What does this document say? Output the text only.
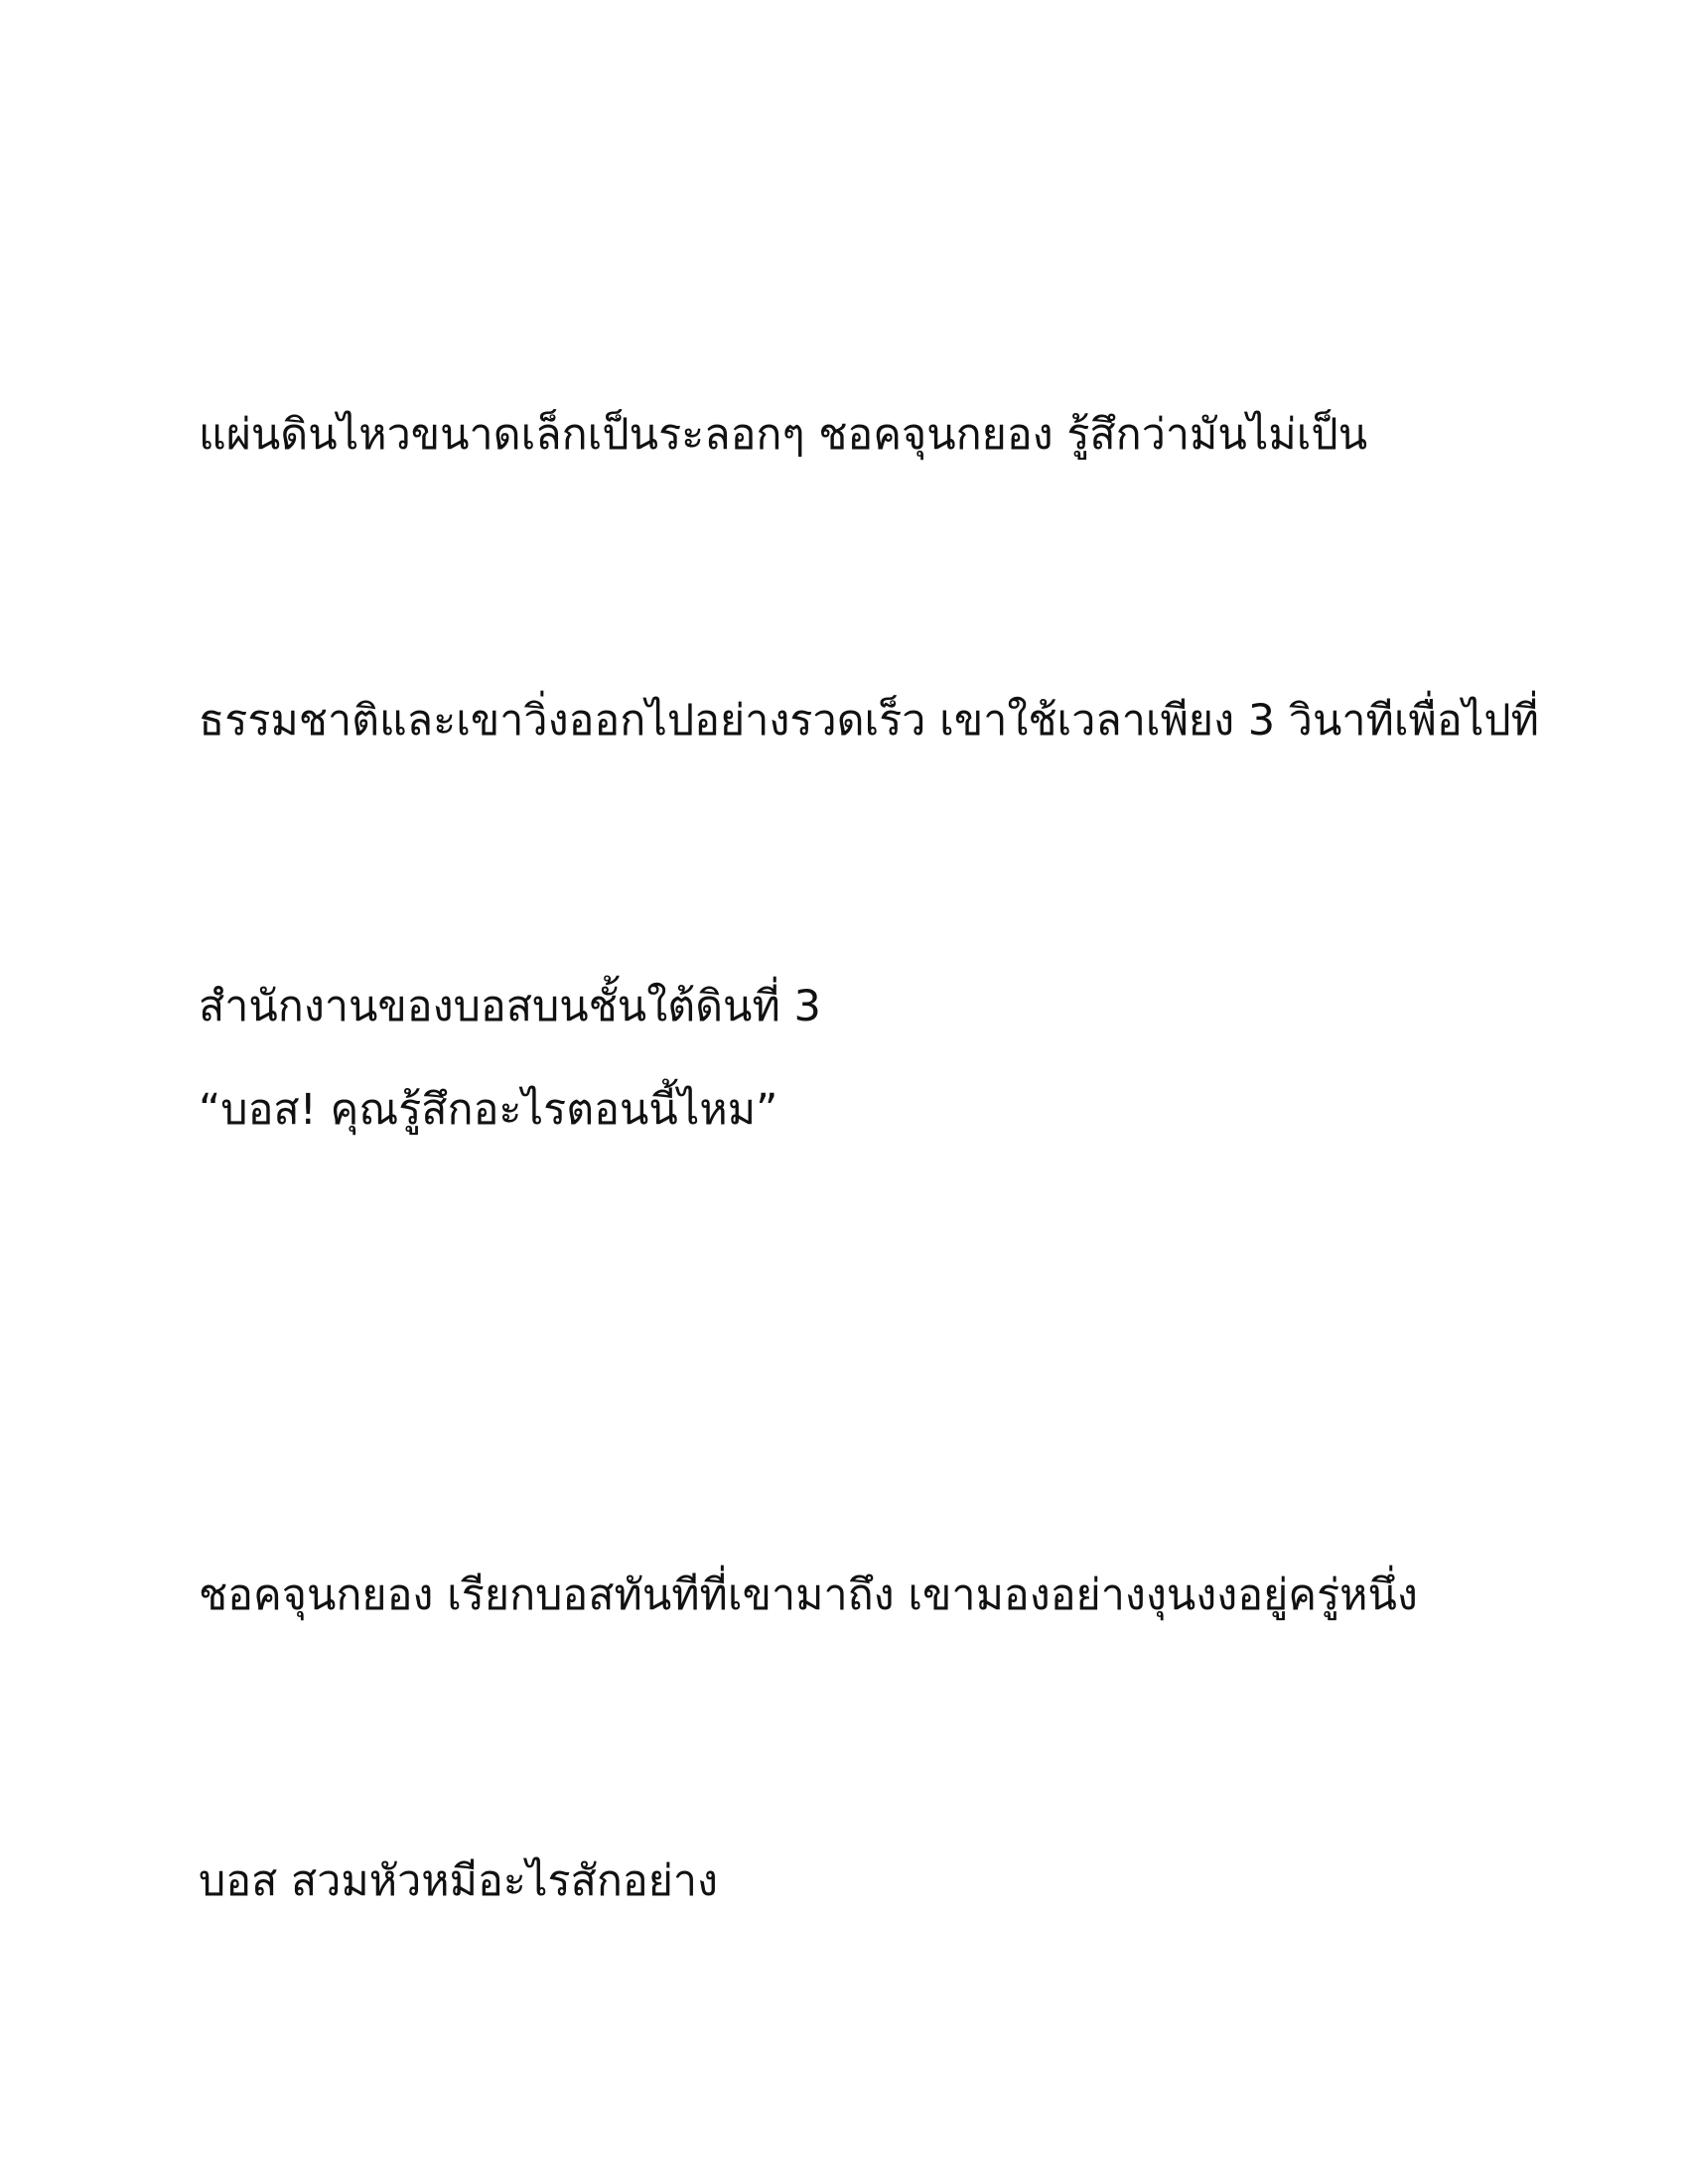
แผ่นดินไหวขนาดเล็กเป็นระลอกๆ ชอคจุนกยอง รู้สึกว่ามันไม่เป็น

ธรรมชาติและเขาวิ่งออกไปอย่างรวดเร็ว เขาใช้เวลาเพียง 3 วินาทีเพื่อไปที่

สำนักงานของบอสบนชั้นใต้ดินที่ 3

“บอส! คุณรู้สึกอะไรตอนนี้ไหม”

ชอคจุนกยอง เรียกบอสทันทีที่เขามาถึง เขามองอย่างงุนงงอยู่ครู่หนึ่ง

บอส สวมหัวหมีอะไรสักอย่าง
